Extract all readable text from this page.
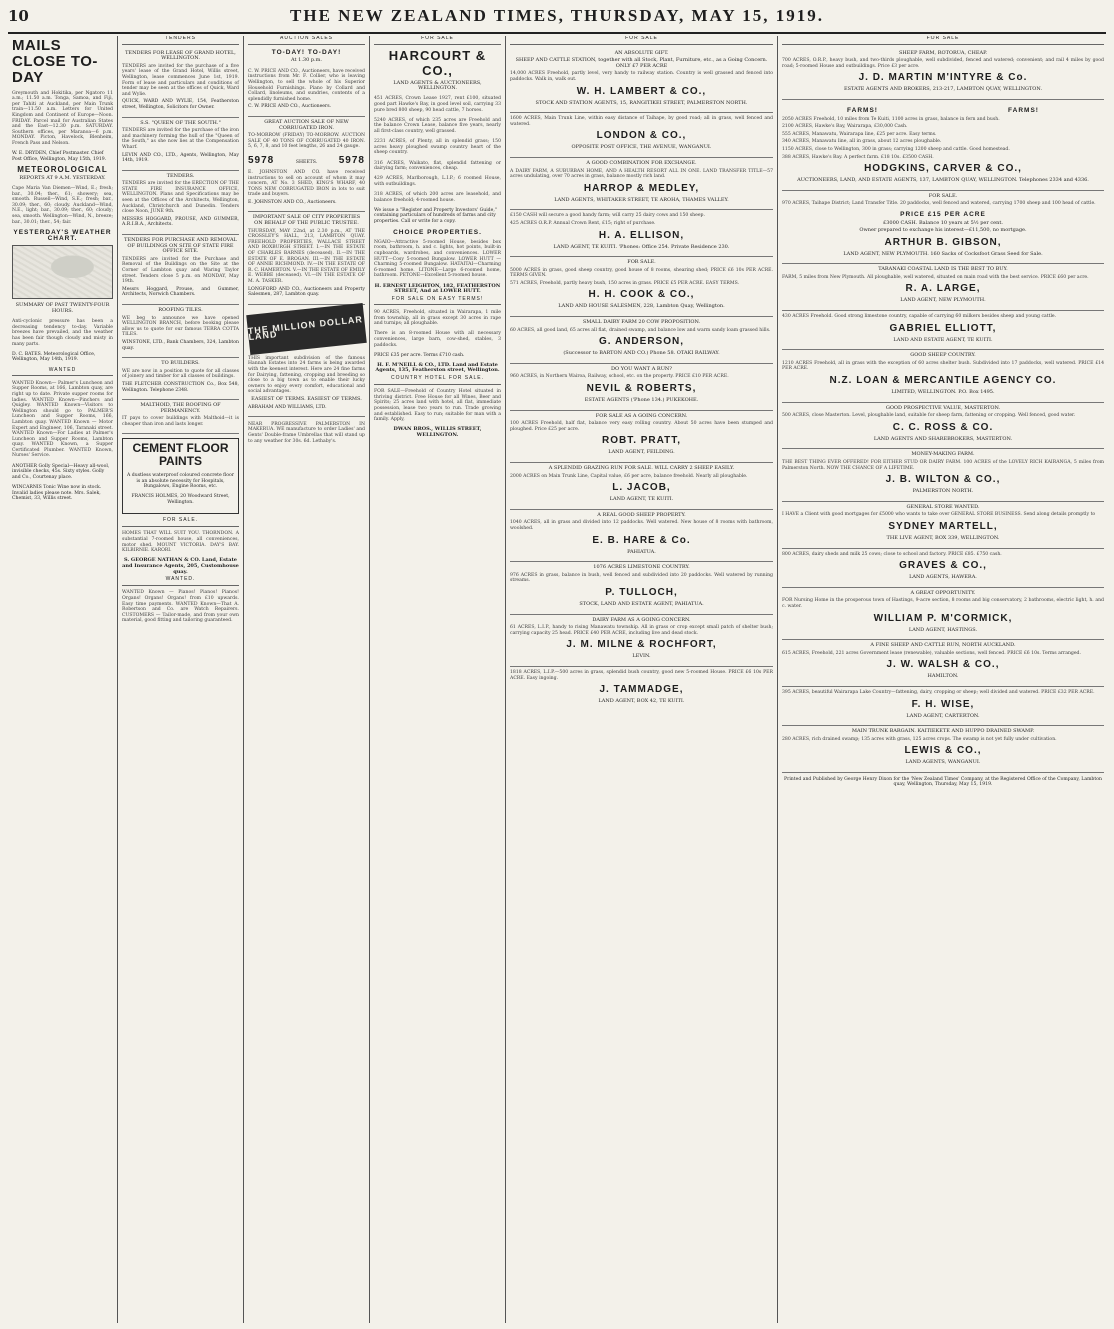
10	THE NEW ZEALAND TIMES, THURSDAY, MAY 15, 1919.
MAILS CLOSE TO-DAY

Greymouth and Hokitika, per Ngatoro 11 a.m.; 11.50 a.m. Tonga, Samoa, and Fiji, per Tahiti at Auckland, per Main Trunk train—11.50 a.m. Letters for United Kingdom and Continent of Europe—Noon. FRIDAY. Parcel mail for Australian States and the East—12.30 p.m. SATURDAY. Southern offices, per Maranoa—6 p.m. MONDAY. Picton, Havelock, Blenheim, French Pass and Nelson.

W. E. DRYDEN, Chief Postmaster. Chief Post Office, Wellington, May 15th, 1919.

METEOROLOGICAL
REPORTS AT 9 A.M. YESTERDAY.

Cape Maria Van Diemen—Wind, E.; fresh; bar., 30.04; ther., 61; showery; sea, smooth. Russell—Wind, S.E.; fresh; bar., 30.09; ther., 60; cloudy. Auckland—Wind, N.E., light; bar., 30.09; ther., 60; cloudy; sea, smooth. Wellington—Wind, N., breeze; bar., 30.01; ther., 54; fair.

YESTERDAY'S WEATHER CHART.
SUMMARY OF PAST TWENTY-FOUR HOURS.

Anti-cyclonic pressure has been a decreasing tendency to-day. Variable breezes have prevailed, and the weather has been fair though cloudy and misty in many parts.

D. C. BATES. Meteorological Office, Wellington, May 14th, 1919.

WANTED

WANTED Known— Palmer's Luncheon and Supper Rooms, at 166, Lambton quay, are right up to date. Private supper rooms for ladies. WANTED Known—Pinchers and Quigley. WANTED Known—Visitors to Wellington should go to PALMER'S Luncheon and Supper Rooms, 166, Lambton quay. WANTED Known — Motor Expert and Engineer, 106, Taranaki street. WANTED Known—For Ladies at Palmer's Luncheon and Supper Rooms, Lambton quay. WANTED Known, a Supper Certificated Plumber. WANTED Known, Nurses' Service.

ANOTHER Golly Special—Heavy all-wool, invisible checks, 45s. Sixty styles. Golly and Co., Courtenay place.

WINCARNIS Tonic Wine now in stock. Invalid ladies please note. Mrs. Salek, Chemist, 33, Willis street.

TENDERS
TENDERS FOR LEASE OF GRAND HOTEL, WELLINGTON.

TENDERS are invited for the purchase of a five years' lease of the Grand Hotel, Willis street, Wellington, lease commences June 1st, 1919. Form of lease and particulars and conditions of tender may be seen at the offices of Quick, Ward and Wylie.

QUICK, WARD AND WYLIE, 154, Featherston street, Wellington, Solicitors for Owner.

S.S. "QUEEN OF THE SOUTH."

TENDERS are invited for the purchase of the iron and machinery forming the hull of the "Queen of the South," as she now lies at the Compensation Wharf.

LEVIN AND CO., LTD., Agents, Wellington, May 14th, 1919.

TENDERS.

TENDERS are invited for the ERECTION OF THE STATE FIRE INSURANCE OFFICE, WELLINGTON. Plans and Specifications may be seen at the Offices of the Architects, Wellington, Auckland, Christchurch and Dunedin. Tenders close Noon, JUNE 9th.

MESSRS HOGGARD, PROUSE, AND GUMMER, A.R.I.B.A., Architects.

TENDERS FOR PURCHASE AND REMOVAL OF BUILDINGS ON SITE OF STATE FIRE OFFICE SITE.

TENDERS are invited for the Purchase and Removal of the Buildings on the Site at the Corner of Lambton quay and Waring Taylor street. Tenders close 5 p.m. on MONDAY, May 19th.

Messrs Hoggard, Prouse, and Gummer, Architects, Norwich Chambers.

ROOFING TILES.

WE beg to announce we have opened WELLINGTON BRANCH, before booking please allow us to quote for our famous TERRA COTTA TILES.

WINSTONE, LTD., Bank Chambers, 324, Lambton quay.

TO BUILDERS.

WE are now in a position to quote for all classes of joinery and timber for all classes of buildings.

THE FLETCHER CONSTRUCTION Co., Box 548, Wellington. Telephone 2348.

MALTHOID, THE ROOFING OF PERMANENCY.

IT pays to cover buildings with Malthoid—it is cheaper than iron and lasts longer.

CEMENT FLOOR PAINTS

A dustless waterproof coloured concrete floor is an absolute necessity for Hospitals, Bungalows, Engine Rooms, etc.

FRANCIS HOLMES, 20 Woodward Street, Wellington.

FOR SALE.

HOMES THAT WILL SUIT YOU. THORNDON. A substantial 7-roomed house, all conveniences, motor shed. MOUNT VICTORIA. DAY'S BAY. KILBIRNIE. KARORI.

S. GEORGE NATHAN & CO. Land, Estate and Insurance Agents, 205, Customhouse quay.
WANTED.

WANTED Known — Pianos! Pianos! Pianos! Organs! Organs! Organs! from £10 upwards. Easy time payments. WANTED Known—That A. Robertson and Co. are Watch Repairers. CUSTOMERS — Tailor-made, and from your own material, good fitting and tailoring guaranteed.

AUCTION SALES
TO-DAY! TO-DAY!
At 1.30 p.m.

C. W. PRICE AND CO., Auctioneers, have received instructions from Mr. F. Collier, who is leaving Wellington, to sell the whole of his Superior Household Furnishings. Piano by Collard and Collard, linoleums, and sundries, contents of a splendidly furnished home.

C. W. PRICE AND CO., Auctioneers.

GREAT AUCTION SALE OF NEW CORRUGATED IRON.

TO-MORROW (FRIDAY) TO-MORROW. AUCTION SALE OF 40 TONS OF CORRUGATED 40 IRON. 5, 6, 7, 8, and 10 feet lengths, 26 and 24 gauge.

5978	SHEETS. 5978

E. JOHNSTON AND CO. have received instructions to sell on account of whom it may concern, AT No. 3 SHED, KING'S WHARF, 40 TONS NEW CORRUGATED IRON in lots to suit trade and buyers.

E. JOHNSTON AND CO., Auctioneers.

IMPORTANT SALE OF CITY PROPERTIES ON BEHALF OF THE PUBLIC TRUSTEE.

THURSDAY, MAY 22nd, at 2.30 p.m., AT THE CROSSLEY'S HALL, 213, LAMBTON QUAY. FREEHOLD PROPERTIES, WALLACE STREET AND ROXBURGH STREET. I.—IN THE ESTATE OF CHARLES BARNES (deceased). II.—IN THE ESTATE OF E. BROGAN. III.—IN THE ESTATE OF ANNIE RICHMOND. IV.—IN THE ESTATE OF R. C. HAMERTON. V.—IN THE ESTATE OF EMILY E. WEBBE (deceased). VI.—IN THE ESTATE OF M. A. TASKER.

LONGFORD AND CO., Auctioneers and Property Salesmen, 287, Lambton quay.

THE MILLION DOLLAR LAND

THIS important subdivision of the famous Hannah Estates into 24 farms is being awarded with the keenest interest. Here are 24 fine farms for Dairying, fattening, cropping and breeding so close to a big town as to enable their lucky owners to enjoy every comfort, educational and social advantages.

EASIEST OF TERMS. EASIEST OF TERMS.

ABRAHAM AND WILLIAMS, LTD.

NEAR PROGRESSIVE PALMERSTON IN MAKERUA. WE manufacture to order Ladies' and Gents' Double-frame Umbrellas that will stand up to any weather for 30s. 6d. Lethaby's.

FOR SALE
HARCOURT & CO.,
LAND AGENTS & AUCTIONEERS, WELLINGTON.

451 ACRES, Crown Lease 1927, rent £100, situated good part Hawke's Bay, in good level soil, carrying 33 pure bred 800 sheep, 90 head cattle, 7 horses.

5240 ACRES, of which 235 acres are Freehold and the balance Crown Lease, balance five years, nearly all first-class country, well grassed.

2231 ACRES, of Plenty, all in splendid grass; 150 acres heavy ploughed swamp country heart of the sheep country.

316 ACRES, Waikato, flat, splendid fattening or dairying farm; conveniences, cheap.

429 ACRES, Marlborough, L.I.P.; 6 roomed House, with outbuildings.

318 ACRES, of which 200 acres are leasehold, and balance freehold; 4-roomed house.

We issue a "Register and Property Investors' Guide," containing particulars of hundreds of farms and city properties. Call or write for a copy.

CHOICE PROPERTIES.

NGAIO—Attractive 5-roomed House, besides box room, bathroom, h. and c. lights, hot points, built-in cupboards, wardrobes, and conveniences. LOWER HUTT—Cosy 5-roomed Bungalow. LOWER HUTT — Charming 5-roomed Bungalow. HATAITAI—Charming 6-roomed home. LITONE—Large 6-roomed home, bathroom. PETONE—Excellent 5-roomed house.

H. ERNEST LEIGHTON, 182, FEATHERSTON STREET, And at LOWER HUTT.
FOR SALE ON EASY TERMS!

90 ACRES, Freehold, situated in Wairarapa, 1 mile from township, all in grass except 30 acres in rape and turnips; all ploughable.

There is an 8-roomed House with all necessary conveniences, large barn, cow-shed, stables, 3 paddocks.

PRICE £35 per acre. Terms £710 cash.

H. F. M'NEILL & CO., LTD. Land and Estate Agents, 135, Featherston street, Wellington.
COUNTRY HOTEL FOR SALE.

FOR SALE—Freehold of Country Hotel situated in thriving district. Free House for all Wines, Beer and Spirits; 25 acres land with hotel, all flat, immediate possession, lease two years to run. Trade growing and established. Easy to run; suitable for man with a family. Apply,

DWAN BROS., WILLIS STREET, WELLINGTON.
FOR SALE
AN ABSOLUTE GIFT.
SHEEP AND CATTLE STATION, together with all Stock, Plant, Furniture, etc., as a Going Concern. ONLY £7 PER ACRE

14,000 ACRES Freehold, partly level, very handy to railway station. Country is well grassed and fenced into paddocks. Walk in, walk out.

W. H. LAMBERT & CO.,
STOCK AND STATION AGENTS, 15, RANGITIKEI STREET, PALMERSTON NORTH.

1600 ACRES, Main Trunk Line, within easy distance of Taihape, by good road; all in grass, well fenced and watered.

LONDON & CO.,
OPPOSITE POST OFFICE, THE AVENUE, WANGANUI.
A GOOD COMBINATION FOR EXCHANGE.

A DAIRY FARM, A SUBURBAN HOME, AND A HEALTH RESORT ALL IN ONE. LAND TRANSFER TITLE—57 acres undulating, over 70 acres in grass, balance mostly rich land.

HARROP & MEDLEY,
LAND AGENTS, WHITAKER STREET, TE AROHA, THAMES VALLEY.

£150 CASH will secure a good handy farm; will carry 25 dairy cows and 150 sheep.

425 ACRES O.R.P. Annual Crown Rent, £15; right of purchase.

H. A. ELLISON,
LAND AGENT, TE KUITI. 'Phones: Office 254. Private Residence 230.
FOR SALE.

5000 ACRES in grass, good sheep country, good house of 8 rooms, shearing shed; PRICE £6 10s PER ACRE. TERMS GIVEN.

571 ACRES, Freehold, partly heavy bush, 150 acres in grass. PRICE £5 PER ACRE. EASY TERMS.

H. H. COOK & CO.,
LAND AND HOUSE SALESMEN, 228, Lambton Quay, Wellington.
SMALL DAIRY FARM 20 COW PROPOSITION.

60 ACRES, all good land, 65 acres all flat, drained swamp, and balance low and warm sandy loam grassed hills.

G. ANDERSON,
(Successor to BARTON AND CO.) Phone 58. OTAKI RAILWAY.
DO YOU WANT A RUN?

960 ACRES, in Northern Wairoa, Railway, school, etc. on the property. PRICE £10 PER ACRE.

NEVIL & ROBERTS,
ESTATE AGENTS ('Phone 134.) PUKEKOHE.
FOR SALE AS A GOING CONCERN.

100 ACRES Freehold, half flat, balance very easy rolling country. About 50 acres have been stumped and ploughed. Price £25 per acre.

ROBT. PRATT,
LAND AGENT, FEILDING.
A SPLENDID GRAZING RUN FOR SALE. WILL CARRY 2 SHEEP EASILY.

2000 ACRES on Main Trunk Line, Capital value, £6 per acre, balance freehold. Nearly all ploughable.

L. JACOB,
LAND AGENT, TE KUITI.
A REAL GOOD SHEEP PROPERTY.

1040 ACRES, all in grass and divided into 12 paddocks. Well watered. New house of 8 rooms with bathroom, woolshed.

E. B. HARE & Co.
PAHIATUA.
1076 ACRES LIMESTONE COUNTRY.

976 ACRES in grass, balance in bush, well fenced and subdivided into 20 paddocks. Well watered by running streams.

P. TULLOCH,
STOCK, LAND AND ESTATE AGENT, PAHIATUA.
DAIRY FARM AS A GOING CONCERN.

61 ACRES, L.I.P., handy to rising Manawatu township. All in grass or crop except small patch of shelter bush; carrying capacity 25 head. PRICE £40 PER ACRE, including live and dead stock.

J. M. MILNE & ROCHFORT,
LEVIN.

1818 ACRES, L.I.P.—500 acres in grass, splendid bush country, good new 5-roomed House. PRICE £6 10s PER ACRE. Easy ingoing.

J. TAMMADGE,
LAND AGENT, BOX 42, TE KUITI.
FOR SALE
SHEEP FARM, ROTORUA, CHEAP.

700 ACRES, O.R.P., heavy bush, and two-thirds ploughable, well subdivided, fenced and watered; convenient; and rail 4 miles by good road; 5-roomed House and outbuildings. Price £3 per acre.

J. D. MARTIN M'INTYRE & Co.
ESTATE AGENTS AND BROKERS, 213-217, LAMBTON QUAY, WELLINGTON.
FARMS!	FARMS!

2050 ACRES Freehold, 10 miles from Te Kuiti, 1100 acres in grass, balance in fern and bush.

2100 ACRES, Hawke's Bay, Wairarapa, £30,000 Cash.

555 ACRES, Manawatu, Wairarapa line, £25 per acre. Easy terms.

340 ACRES, Manawatu line, all in grass, about 12 acres ploughable.

1150 ACRES, close to Wellington, 300 in grass; carrying 1200 sheep and cattle. Good homestead.

388 ACRES, Hawke's Bay. A perfect farm. £18 10s. £3500 CASH.

HODGKINS, CARVER & CO.,
AUCTIONEERS, LAND, AND ESTATE AGENTS, 137, LAMBTON QUAY, WELLINGTON. Telephones 2334 and 4336.
FOR SALE.

970 ACRES, Taihape District; Land Transfer Title. 20 paddocks, well fenced and watered, carrying 1700 sheep and 100 head of cattle.

PRICE £15 PER ACRE
£3000 CASH. Balance 10 years at 5½ per cent.
Owner prepared to exchange his interest—£11,500, no mortgage.
ARTHUR B. GIBSON,
LAND AGENT, NEW PLYMOUTH. 160 Sacks of Cocksfoot Grass Seed for Sale.
TARANAKI COASTAL LAND IS THE BEST TO BUY.

FARM, 5 miles from New Plymouth. All ploughable, well watered, situated on main road with the best service. PRICE £60 per acre.

R. A. LARGE,
LAND AGENT, NEW PLYMOUTH.

430 ACRES Freehold. Good strong limestone country, capable of carrying 60 milkers besides sheep and young cattle.

GABRIEL ELLIOTT,
LAND AND ESTATE AGENT, TE KUITI.
GOOD SHEEP COUNTRY.

1210 ACRES Freehold, all in grass with the exception of 60 acres shelter bush. Subdivided into 17 paddocks, well watered. PRICE £14 PER ACRE.

N.Z. LOAN & MERCANTILE AGENCY CO.
LIMITED, WELLINGTON. P.O. Box 1495.
GOOD PROSPECTIVE VALUE, MASTERTON.

500 ACRES, close Masterton. Level, ploughable land, suitable for sheep farm, fattening or cropping. Well fenced, good water.

C. C. ROSS & CO.
LAND AGENTS AND SHAREBROKERS, MASTERTON.
MONEY-MAKING FARM.

THE BEST THING EVER OFFERED! FOR EITHER STUD OR DAIRY FARM. 100 ACRES of the LOVELY RICH KAIRANGA, 5 miles from Palmerston North. NOW THE CHANCE OF A LIFETIME.

J. B. WILTON & CO.,
PALMERSTON NORTH.
GENERAL STORE WANTED.

I HAVE a Client with good mortgages for £5000 who wants to take over GENERAL STORE BUSINESS. Send along details promptly to

SYDNEY MARTELL,
THE LIVE AGENT, BOX 339, WELLINGTON.

800 ACRES, dairy sheds and milk 25 cows; close to school and factory. PRICE £85. £750 cash.

GRAVES & CO.,
LAND AGENTS, HAWERA.
A GREAT OPPORTUNITY.

FOR Nursing Home in the prosperous town of Hastings, 9-acre section, 8 rooms and big conservatory, 2 bathrooms, electric light, h. and c. water.

WILLIAM P. M'CORMICK,
LAND AGENT, HASTINGS.
A FINE SHEEP AND CATTLE RUN, NORTH AUCKLAND.

615 ACRES, Freehold, 221 acres Government lease (renewable), valuable sections, well fenced. PRICE £6 10s. Terms arranged.

J. W. WALSH & CO.,
HAMILTON.

395 ACRES, beautiful Wairarapa Lake Country—fattening, dairy, cropping or sheep; well divided and watered. PRICE £32 PER ACRE.

F. H. WISE,
LAND AGENT, CARTERTON.
MAIN TRUNK BARGAIN. KAITIEKETE AND HUPPO DRAINED SWAMP.

280 ACRES, rich drained swamp; 135 acres with grass, 125 acres crops. The swamp is not yet fully under cultivation.

LEWIS & CO.,
LAND AGENTS, WANGANUI.
Printed and Published by George Henry Dixon for the 'New Zealand Times' Company, at the Registered Office of the Company, Lambton quay, Wellington, Thursday, May 15, 1919.
